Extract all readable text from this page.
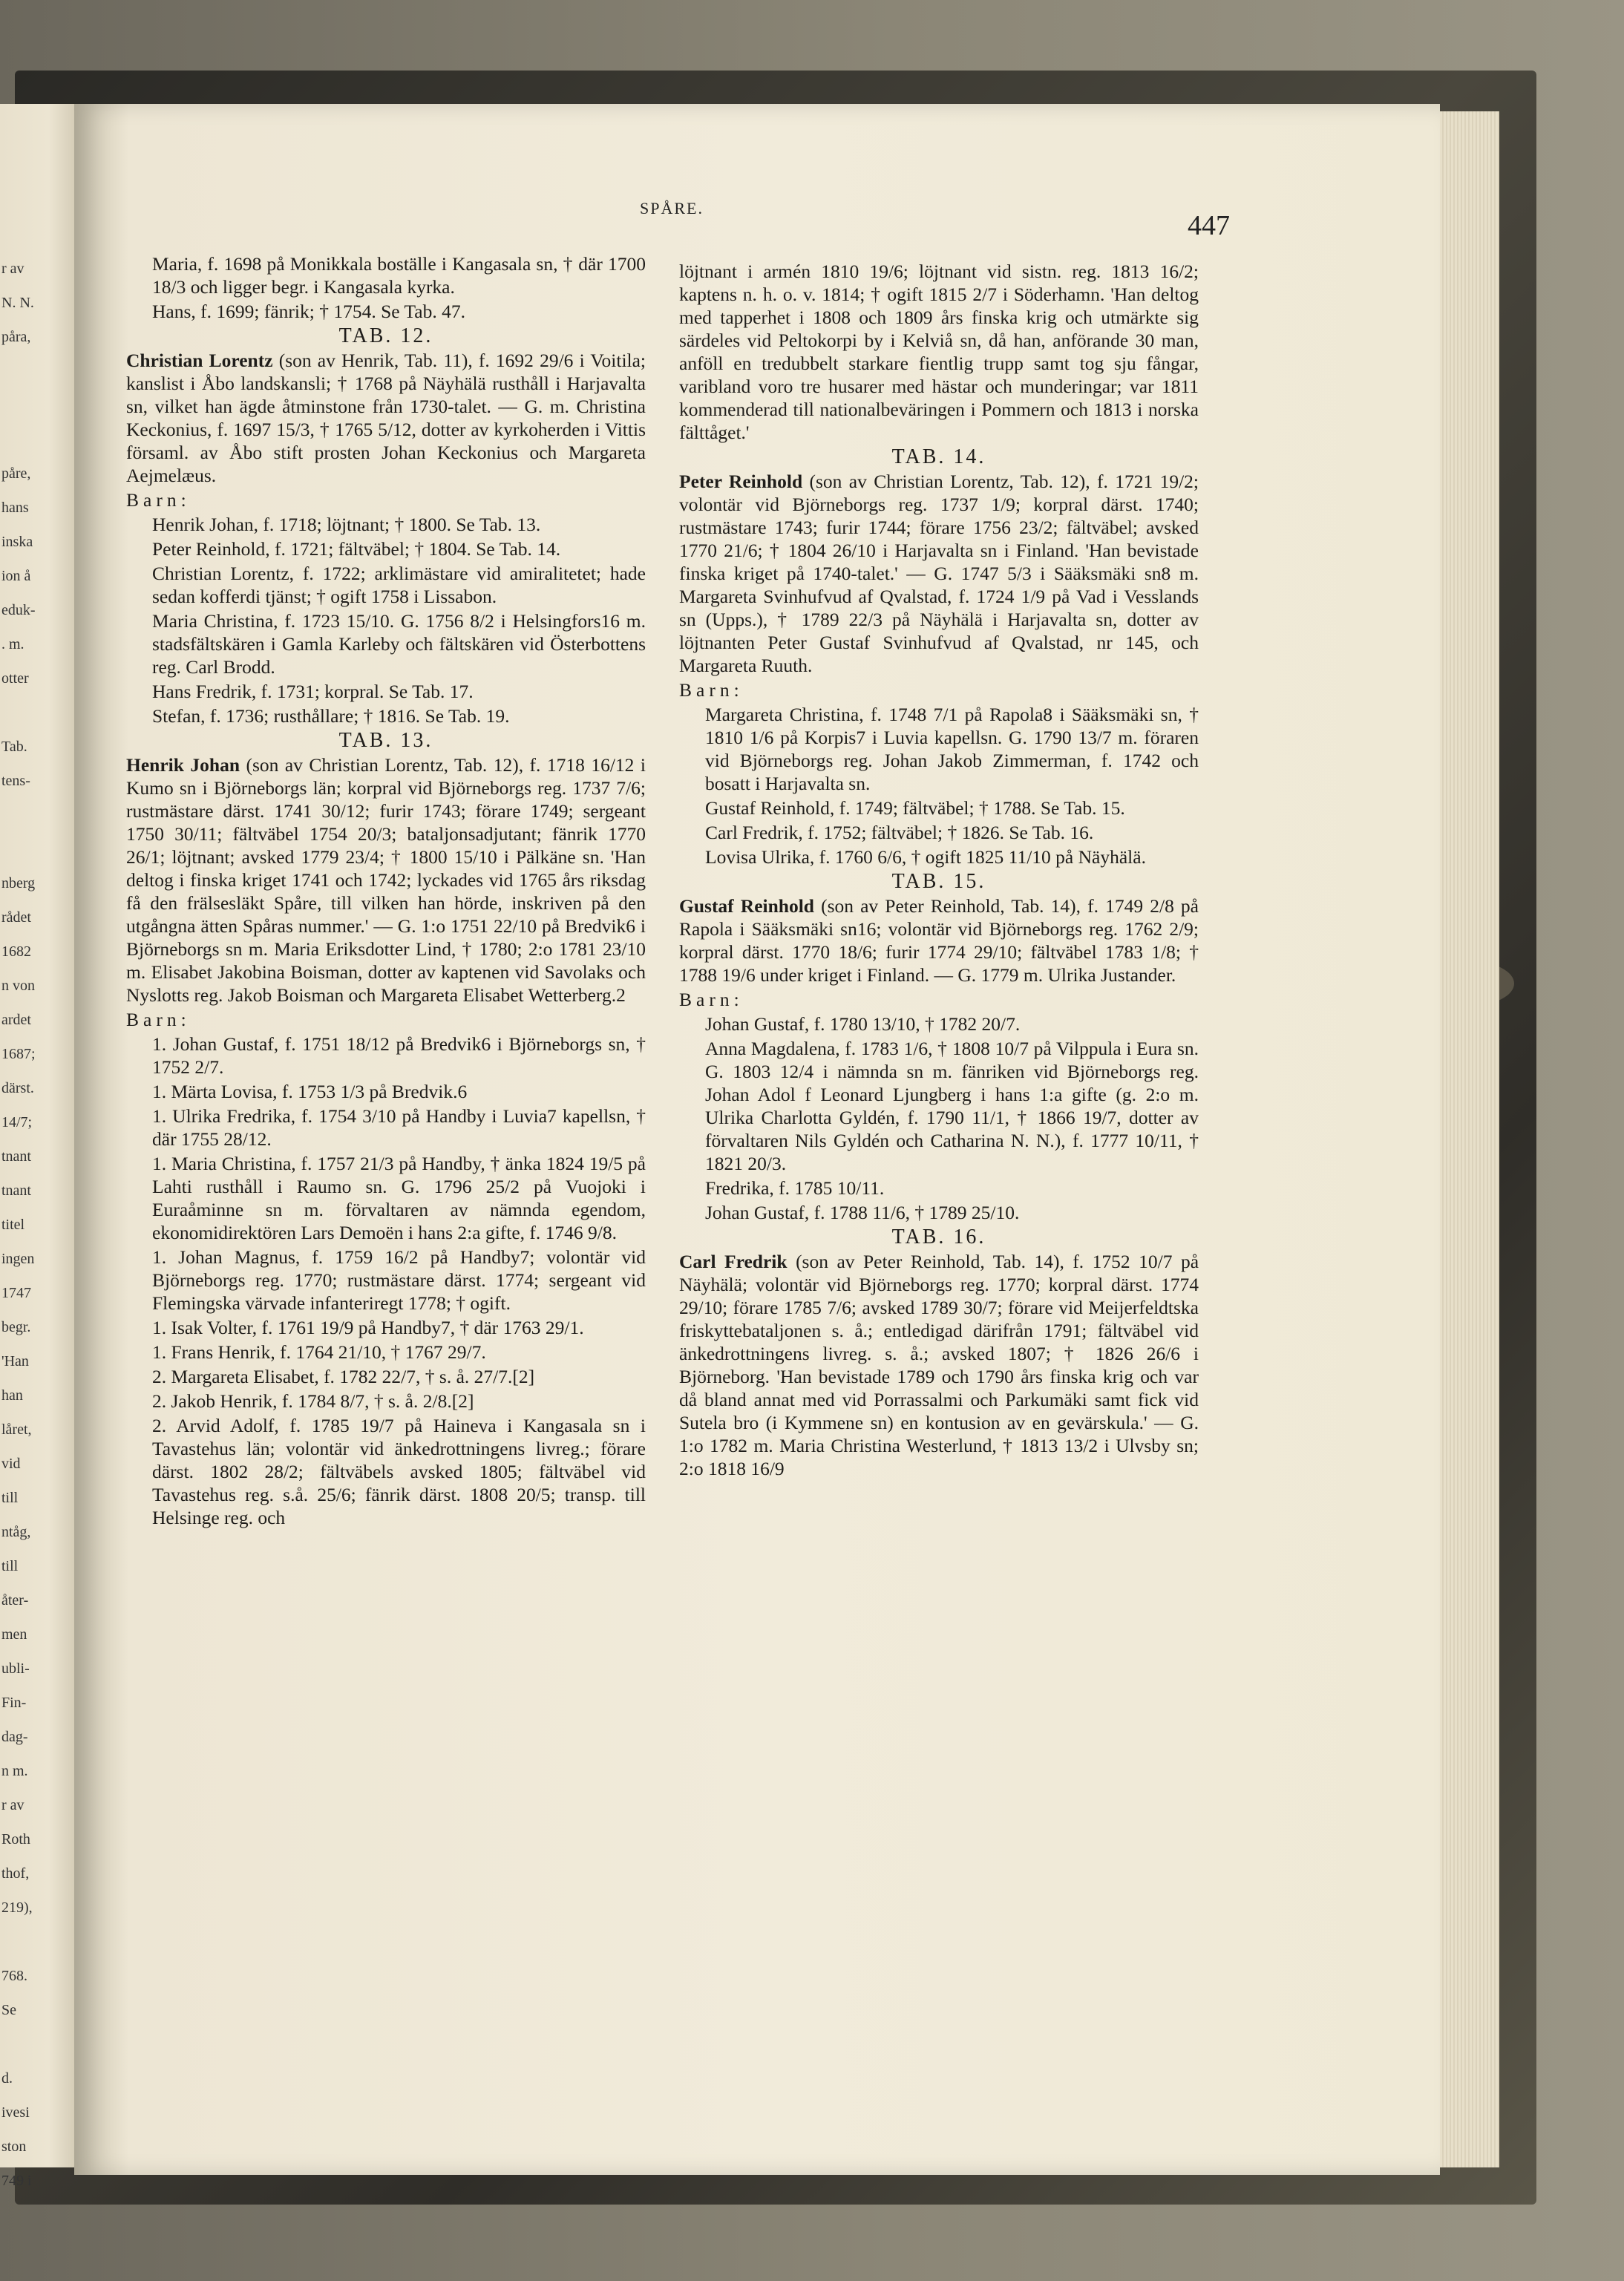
r av
N. N.
påra,
påre,
hans
inska
ion å
eduk-
. m.
otter
Tab.
tens-
nberg
rådet
1682
n von
ardet
1687;
därst.
14/7;
tnant
tnant
titel
ingen
1747
begr.
'Han
han
låret,
vid
till
ntåg,
till
åter-
men
ubli-
Fin-
dag-
n m.
r av
Roth
thof,
219),
768.
Se
d.
ivesi
ston
749 i
SPÅRE.
447

Maria, f. 1698 på Monikkala boställe i Kangasala sn, † där 1700 18/3 och ligger begr. i Kangasala kyrka.

Hans, f. 1699; fänrik; † 1754. Se Tab. 47.

TAB. 12.

Christian Lorentz (son av Henrik, Tab. 11), f. 1692 29/6 i Voitila; kanslist i Åbo landskansli; † 1768 på Näyhälä rusthåll i Harjavalta sn, vilket han ägde åtminstone från 1730-talet. — G. m. Christina Keckonius, f. 1697 15/3, † 1765 5/12, dotter av kyrkoherden i Vittis församl. av Åbo stift prosten Johan Keckonius och Margareta Aejmelæus.

Barn:

Henrik Johan, f. 1718; löjtnant; † 1800. Se Tab. 13.

Peter Reinhold, f. 1721; fältväbel; † 1804. Se Tab. 14.

Christian Lorentz, f. 1722; arklimästare vid amiralitetet; hade sedan kofferdi tjänst; † ogift 1758 i Lissabon.

Maria Christina, f. 1723 15/10. G. 1756 8/2 i Helsingfors16 m. stadsfältskären i Gamla Karleby och fältskären vid Österbottens reg. Carl Brodd.

Hans Fredrik, f. 1731; korpral. Se Tab. 17.

Stefan, f. 1736; rusthållare; † 1816. Se Tab. 19.

TAB. 13.

Henrik Johan (son av Christian Lorentz, Tab. 12), f. 1718 16/12 i Kumo sn i Björneborgs län; korpral vid Björneborgs reg. 1737 7/6; rustmästare därst. 1741 30/12; furir 1743; förare 1749; sergeant 1750 30/11; fältväbel 1754 20/3; bataljonsadjutant; fänrik 1770 26/1; löjtnant; avsked 1779 23/4; † 1800 15/10 i Pälkäne sn. 'Han deltog i finska kriget 1741 och 1742; lyckades vid 1765 års riksdag få den frälsesläkt Spåre, till vilken han hörde, inskriven på den utgångna ätten Spåras nummer.' — G. 1:o 1751 22/10 på Bredvik6 i Björneborgs sn m. Maria Eriksdotter Lind, † 1780; 2:o 1781 23/10 m. Elisabet Jakobina Boisman, dotter av kaptenen vid Savolaks och Nyslotts reg. Jakob Boisman och Margareta Elisabet Wetterberg.2

Barn:

1. Johan Gustaf, f. 1751 18/12 på Bredvik6 i Björneborgs sn, † 1752 2/7.

1. Märta Lovisa, f. 1753 1/3 på Bredvik.6

1. Ulrika Fredrika, f. 1754 3/10 på Handby i Luvia7 kapellsn, † där 1755 28/12.

1. Maria Christina, f. 1757 21/3 på Handby, † änka 1824 19/5 på Lahti rusthåll i Raumo sn. G. 1796 25/2 på Vuojoki i Euraåminne sn m. förvaltaren av nämnda egendom, ekonomidirektören Lars Demoën i hans 2:a gifte, f. 1746 9/8.

1. Johan Magnus, f. 1759 16/2 på Handby7; volontär vid Björneborgs reg. 1770; rustmästare därst. 1774; sergeant vid Flemingska värvade infanteriregt 1778; † ogift.

1. Isak Volter, f. 1761 19/9 på Handby7, † där 1763 29/1.

1. Frans Henrik, f. 1764 21/10, † 1767 29/7.

2. Margareta Elisabet, f. 1782 22/7, † s. å. 27/7.[2]

2. Jakob Henrik, f. 1784 8/7, † s. å. 2/8.[2]

2. Arvid Adolf, f. 1785 19/7 på Haineva i Kangasala sn i Tavastehus län; volontär vid änkedrottningens livreg.; förare därst. 1802 28/2; fältväbels avsked 1805; fältväbel vid Tavastehus reg. s.å. 25/6; fänrik därst. 1808 20/5; transp. till Helsinge reg. och

löjtnant i armén 1810 19/6; löjtnant vid sistn. reg. 1813 16/2; kaptens n. h. o. v. 1814; † ogift 1815 2/7 i Söderhamn. 'Han deltog med tapperhet i 1808 och 1809 års finska krig och utmärkte sig särdeles vid Peltokorpi by i Kelviå sn, då han, anförande 30 man, anföll en tredubbelt starkare fientlig trupp samt tog sju fångar, varibland voro tre husarer med hästar och munderingar; var 1811 kommenderad till nationalbeväringen i Pommern och 1813 i norska fälttåget.'

TAB. 14.

Peter Reinhold (son av Christian Lorentz, Tab. 12), f. 1721 19/2; volontär vid Björneborgs reg. 1737 1/9; korpral därst. 1740; rustmästare 1743; furir 1744; förare 1756 23/2; fältväbel; avsked 1770 21/6; † 1804 26/10 i Harjavalta sn i Finland. 'Han bevistade finska kriget på 1740-talet.' — G. 1747 5/3 i Sääksmäki sn8 m. Margareta Svinhufvud af Qvalstad, f. 1724 1/9 på Vad i Vesslands sn (Upps.), † 1789 22/3 på Näyhälä i Harjavalta sn, dotter av löjtnanten Peter Gustaf Svinhufvud af Qvalstad, nr 145, och Margareta Ruuth.

Barn:

Margareta Christina, f. 1748 7/1 på Rapola8 i Sääksmäki sn, † 1810 1/6 på Korpis7 i Luvia kapellsn. G. 1790 13/7 m. föraren vid Björneborgs reg. Johan Jakob Zimmerman, f. 1742 och bosatt i Harjavalta sn.

Gustaf Reinhold, f. 1749; fältväbel; † 1788. Se Tab. 15.

Carl Fredrik, f. 1752; fältväbel; † 1826. Se Tab. 16.

Lovisa Ulrika, f. 1760 6/6, † ogift 1825 11/10 på Näyhälä.

TAB. 15.

Gustaf Reinhold (son av Peter Reinhold, Tab. 14), f. 1749 2/8 på Rapola i Sääksmäki sn16; volontär vid Björneborgs reg. 1762 2/9; korpral därst. 1770 18/6; furir 1774 29/10; fältväbel 1783 1/8; † 1788 19/6 under kriget i Finland. — G. 1779 m. Ulrika Justander.

Barn:

Johan Gustaf, f. 1780 13/10, † 1782 20/7.

Anna Magdalena, f. 1783 1/6, † 1808 10/7 på Vilppula i Eura sn. G. 1803 12/4 i nämnda sn m. fänriken vid Björneborgs reg. Johan Adol f Leonard Ljungberg i hans 1:a gifte (g. 2:o m. Ulrika Charlotta Gyldén, f. 1790 11/1, † 1866 19/7, dotter av förvaltaren Nils Gyldén och Catharina N. N.), f. 1777 10/11, † 1821 20/3.

Fredrika, f. 1785 10/11.

Johan Gustaf, f. 1788 11/6, † 1789 25/10.

TAB. 16.

Carl Fredrik (son av Peter Reinhold, Tab. 14), f. 1752 10/7 på Näyhälä; volontär vid Björneborgs reg. 1770; korpral därst. 1774 29/10; förare 1785 7/6; avsked 1789 30/7; förare vid Meijerfeldtska friskyttebataljonen s. å.; entledigad därifrån 1791; fältväbel vid änkedrottningens livreg. s. å.; avsked 1807; † 1826 26/6 i Björneborg. 'Han bevistade 1789 och 1790 års finska krig och var då bland annat med vid Porrassalmi och Parkumäki samt fick vid Sutela bro (i Kymmene sn) en kontusion av en gevärskula.' — G. 1:o 1782 m. Maria Christina Westerlund, † 1813 13/2 i Ulvsby sn; 2:o 1818 16/9
